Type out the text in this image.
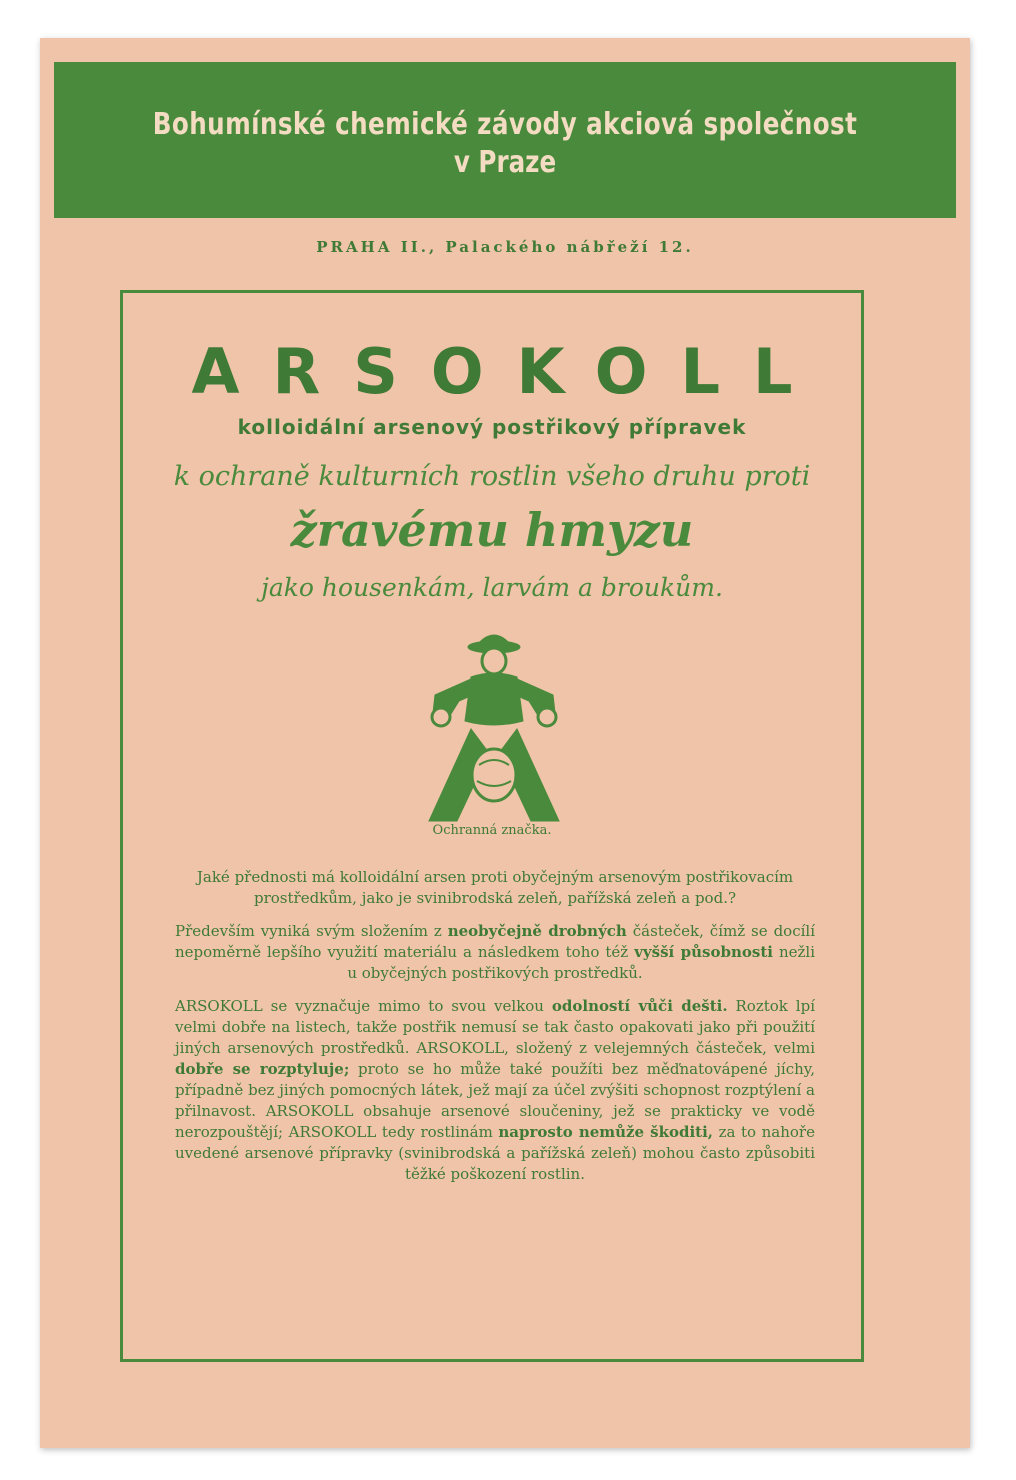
Bohumínské chemické závody akciová společnost
v Praze
PRAHA II., Palackého nábřeží 12.
ARSOKOLL
kolloidální arsenový postřikový přípravek
k ochraně kulturních rostlin všeho druhu proti
žravému hmyzu
jako housenkám, larvám a broukům.
Ochranná značka.

Jaké přednosti má kolloidální arsen proti obyčejným arsenovým postřikovacím prostředkům, jako je svinibrodská zeleň, pařížská zeleň a pod.?

Především vyniká svým složením z neobyčejně drobných částeček, čímž se docílí nepoměrně lepšího využití materiálu a následkem toho též vyšší působnosti nežli u obyčejných postřikových prostředků.

ARSOKOLL se vyznačuje mimo to svou velkou odolností vůči dešti. Roztok lpí velmi dobře na listech, takže postřik nemusí se tak často opakovati jako při použití jiných arsenových prostředků. ARSOKOLL, složený z velejemných částeček, velmi dobře se rozptyluje; proto se ho může také použíti bez měďnatovápené jíchy, případně bez jiných pomocných látek, jež mají za účel zvýšiti schopnost rozptýlení a přilnavost. ARSOKOLL obsahuje arsenové sloučeniny, jež se prakticky ve vodě nerozpouštějí; ARSOKOLL tedy rostlinám naprosto nemůže škoditi, za to nahoře uvedené arsenové přípravky (svinibrodská a pařížská zeleň) mohou často způsobiti těžké poškození rostlin.
